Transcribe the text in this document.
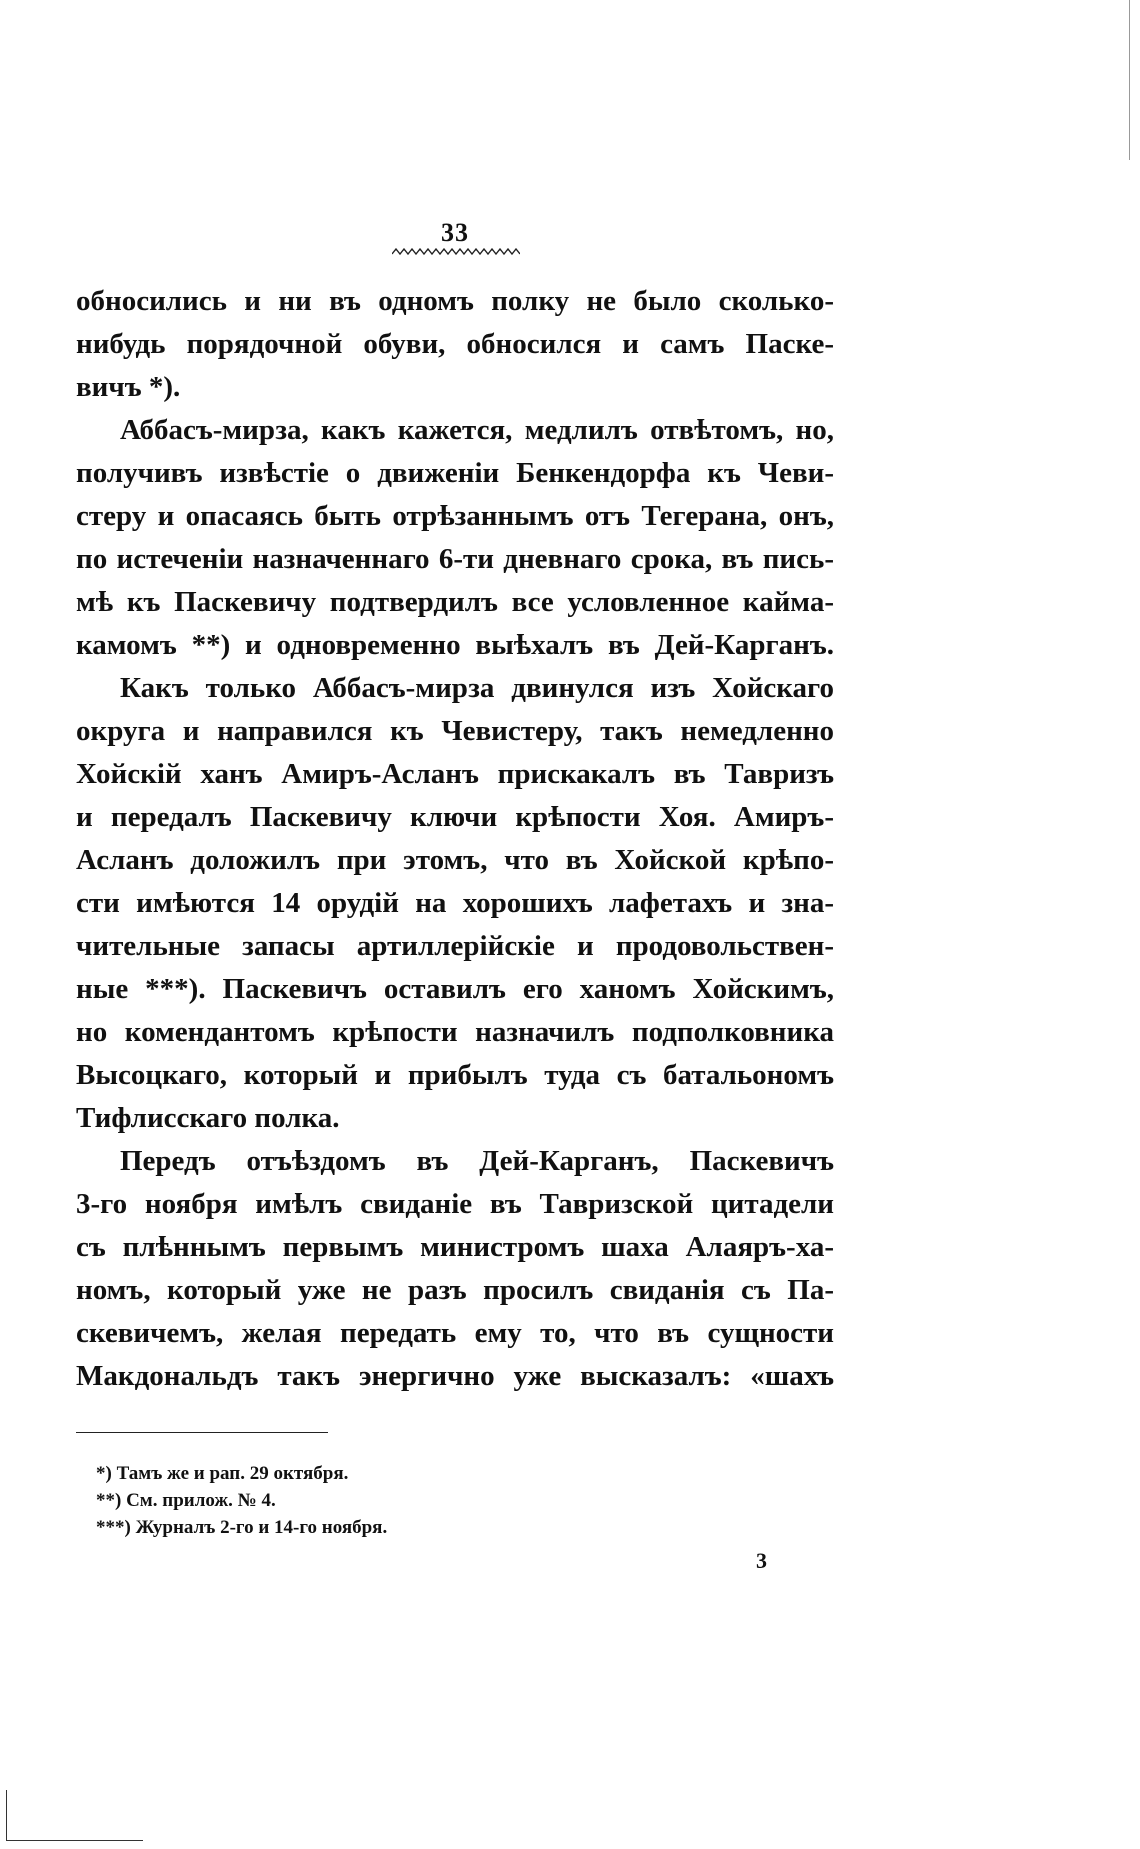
33
обносились и ни въ одномъ полку не было сколько-
нибудь порядочной обуви, обносился и самъ Паске-
вичъ *).
Аббасъ-мирза, какъ кажется, медлилъ отвѣтомъ, но,
получивъ извѣстіе о движеніи Бенкендорфа къ Чеви-
стеру и опасаясь быть отрѣзаннымъ отъ Тегерана, онъ,
по истеченіи назначеннаго 6-ти дневнаго срока, въ пись-
мѣ къ Паскевичу подтвердилъ все условленное кайма-
камомъ **) и одновременно выѣхалъ въ Дей-Карганъ.
Какъ только Аббасъ-мирза двинулся изъ Хойскаго
округа и направился къ Чевистеру, такъ немедленно
Хойскій ханъ Амиръ-Асланъ прискакалъ въ Тавризъ
и передалъ Паскевичу ключи крѣпости Хоя. Амиръ-
Асланъ доложилъ при этомъ, что въ Хойской крѣпо-
сти имѣются 14 орудій на хорошихъ лафетахъ и зна-
чительные запасы артиллерійскіе и продовольствен-
ные ***). Паскевичъ оставилъ его ханомъ Хойскимъ,
но комендантомъ крѣпости назначилъ подполковника
Высоцкаго, который и прибылъ туда съ батальономъ
Тифлисскаго полка.
Передъ отъѣздомъ въ Дей-Карганъ, Паскевичъ
3-го ноября имѣлъ свиданіе въ Тавризской цитадели
съ плѣннымъ первымъ министромъ шаха Алаяръ-ха-
номъ, который уже не разъ просилъ свиданія съ Па-
скевичемъ, желая передать ему то, что въ сущности
Макдональдъ такъ энергично уже высказалъ: «шахъ
*) Тамъ же и рап. 29 октября.
**) См. прилож. № 4.
***) Журналъ 2-го и 14-го ноября.
3
